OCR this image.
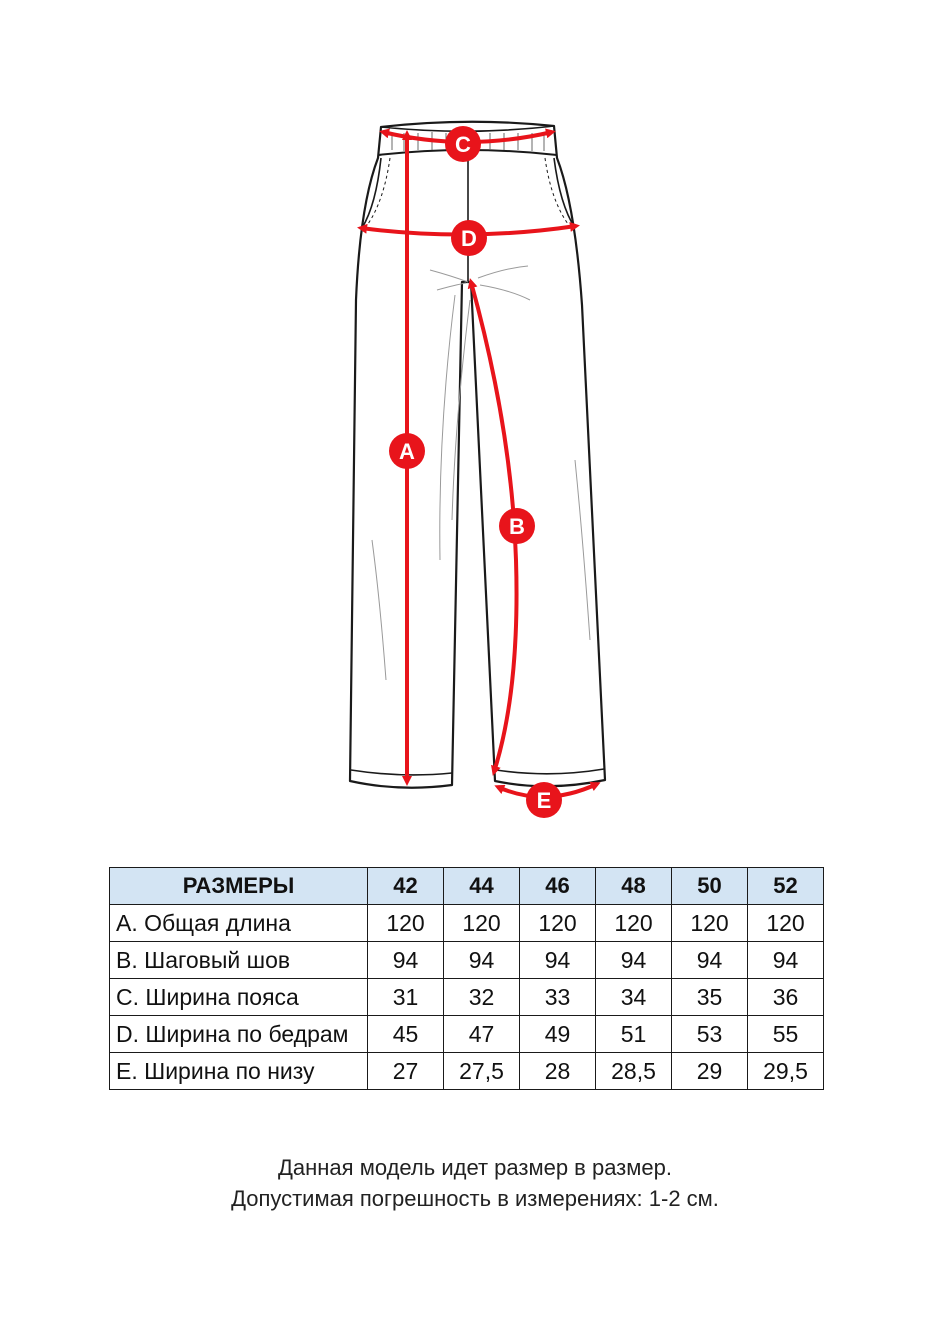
A
B
C
D
E
РАЗМЕРЫ	42	44	46	48	50	52
A. Общая длина	120	120	120	120	120	120
B. Шаговый шов	94	94	94	94	94	94
C. Ширина пояса	31	32	33	34	35	36
D. Ширина по бедрам	45	47	49	51	53	55
E. Ширина по низу	27	27,5	28	28,5	29	29,5
Данная модель идет размер в размер.
Допустимая погрешность в измерениях: 1-2 см.
